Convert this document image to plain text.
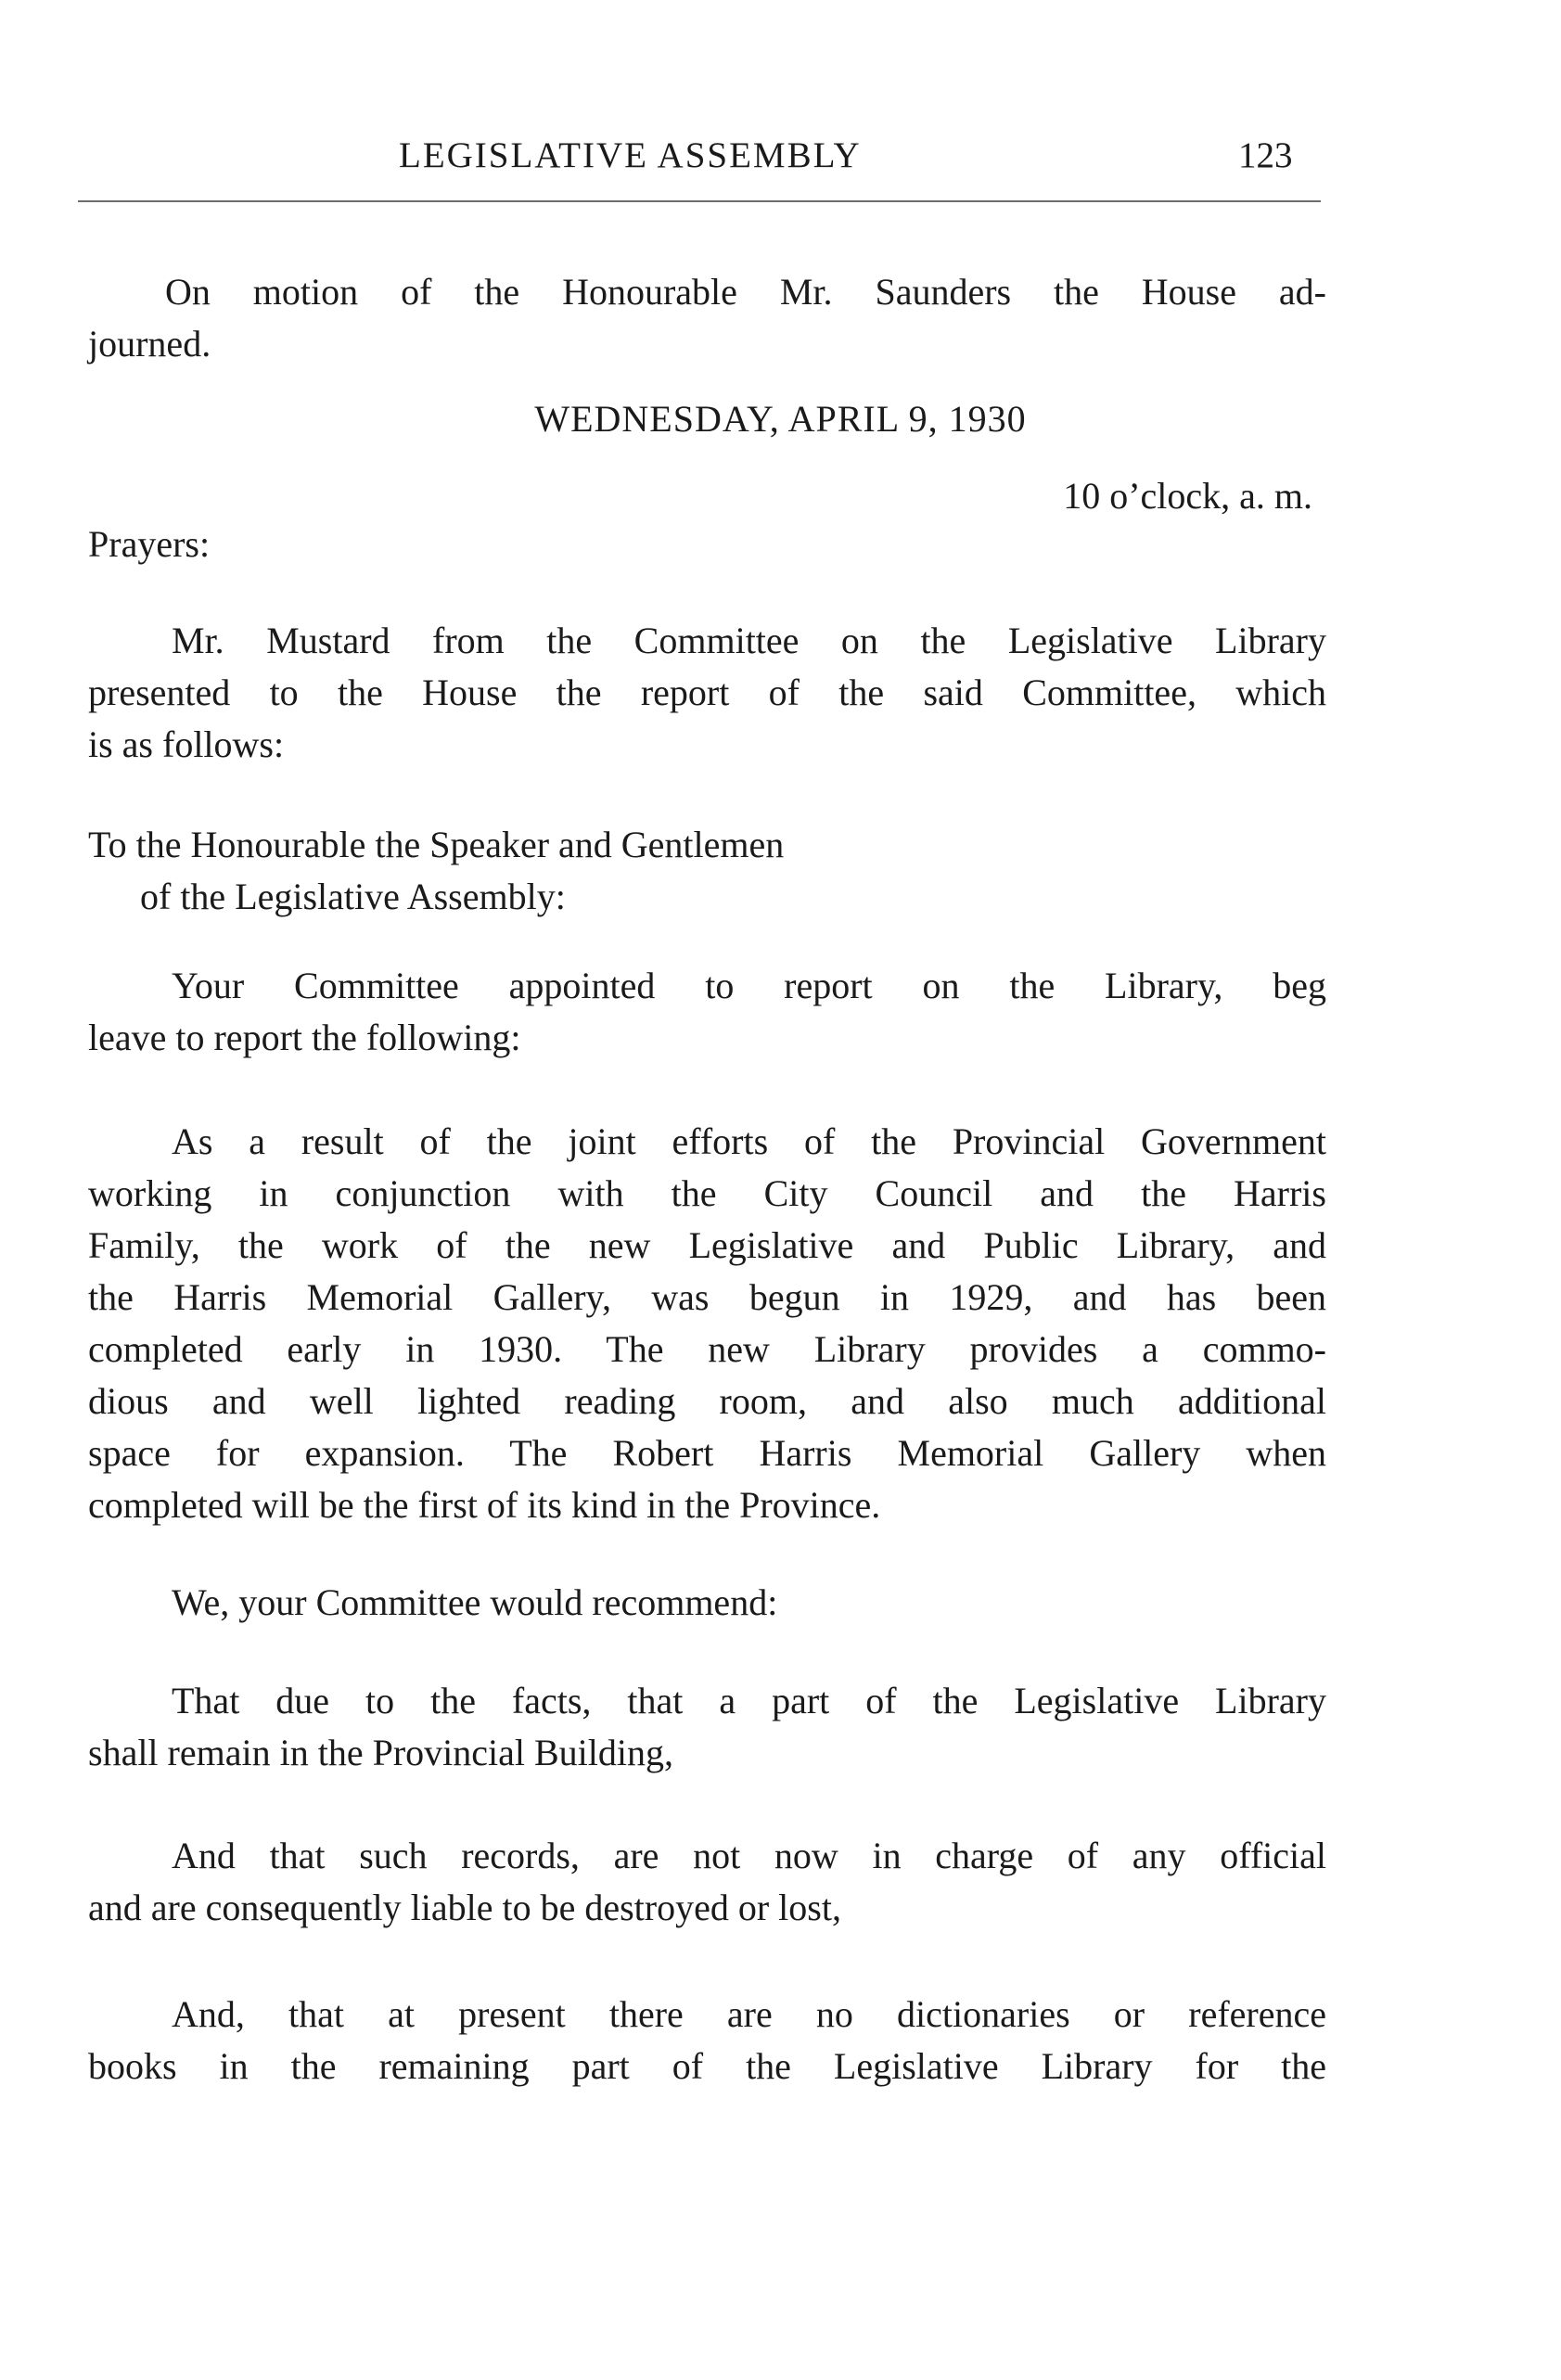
LEGISLATIVE ASSEMBLY	123
On motion of the Honourable Mr. Saunders the House ad-
journed.
WEDNESDAY, APRIL 9, 1930
10 o’clock, a. m.
Prayers:
Mr. Mustard from the Committee on the Legislative Library
presented to the House the report of the said Committee, which
is as follows:
To the Honourable the Speaker and Gentlemen
of the Legislative Assembly:
Your Committee appointed to report on the Library, beg
leave to report the following:
As a result of the joint efforts of the Provincial Government
working in conjunction with the City Council and the Harris
Family, the work of the new Legislative and Public Library, and
the Harris Memorial Gallery, was begun in 1929, and has been
completed early in 1930. The new Library provides a commo-
dious and well lighted reading room, and also much additional
space for expansion. The Robert Harris Memorial Gallery when
completed will be the first of its kind in the Province.
We, your Committee would recommend:
That due to the facts, that a part of the Legislative Library
shall remain in the Provincial Building,
And that such records, are not now in charge of any official
and are consequently liable to be destroyed or lost,
And, that at present there are no dictionaries or reference
books in the remaining part of the Legislative Library for the
